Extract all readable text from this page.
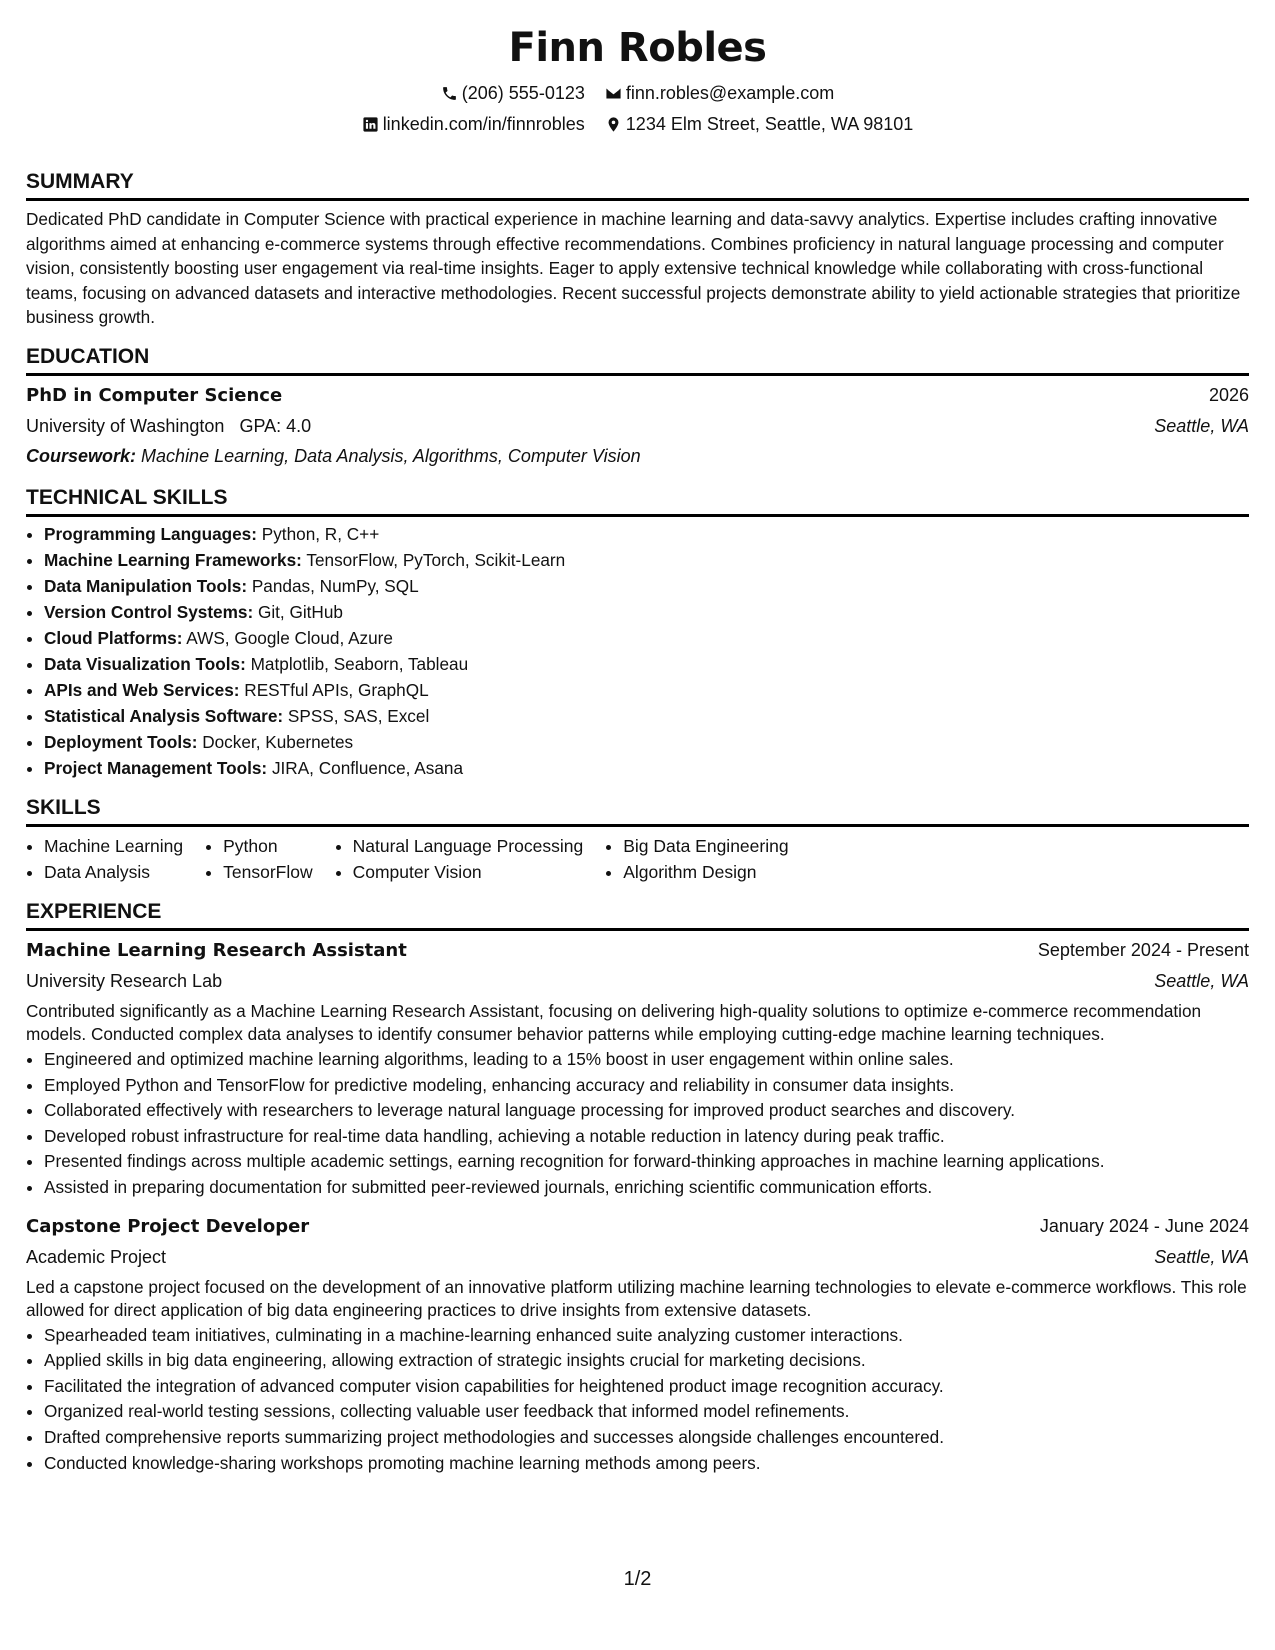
Finn Robles
(206) 555-0123 finn.robles@example.com
linkedin.com/in/finnrobles 1234 Elm Street, Seattle, WA 98101
SUMMARY

Dedicated PhD candidate in Computer Science with practical experience in machine learning and data-savvy analytics. Expertise includes crafting innovative algorithms aimed at enhancing e-commerce systems through effective recommendations. Combines proficiency in natural language processing and computer vision, consistently boosting user engagement via real-time insights. Eager to apply extensive technical knowledge while collaborating with cross-functional teams, focusing on advanced datasets and interactive methodologies. Recent successful projects demonstrate ability to yield actionable strategies that prioritize business growth.

EDUCATION
PhD in Computer Science	2026
University of Washington GPA: 4.0	Seattle, WA
Coursework: Machine Learning, Data Analysis, Algorithms, Computer Vision
TECHNICAL SKILLS
• Programming Languages: Python, R, C++
• Machine Learning Frameworks: TensorFlow, PyTorch, Scikit-Learn
• Data Manipulation Tools: Pandas, NumPy, SQL
• Version Control Systems: Git, GitHub
• Cloud Platforms: AWS, Google Cloud, Azure
• Data Visualization Tools: Matplotlib, Seaborn, Tableau
• APIs and Web Services: RESTful APIs, GraphQL
• Statistical Analysis Software: SPSS, SAS, Excel
• Deployment Tools: Docker, Kubernetes
• Project Management Tools: JIRA, Confluence, Asana
SKILLS
• Machine Learning
• Data Analysis
• Python
• TensorFlow
• Natural Language Processing
• Computer Vision
• Big Data Engineering
• Algorithm Design
EXPERIENCE
Machine Learning Research Assistant	September 2024 - Present
University Research Lab	Seattle, WA

Contributed significantly as a Machine Learning Research Assistant, focusing on delivering high-quality solutions to optimize e-commerce recommendation models. Conducted complex data analyses to identify consumer behavior patterns while employing cutting-edge machine learning techniques.

• Engineered and optimized machine learning algorithms, leading to a 15% boost in user engagement within online sales.
• Employed Python and TensorFlow for predictive modeling, enhancing accuracy and reliability in consumer data insights.
• Collaborated effectively with researchers to leverage natural language processing for improved product searches and discovery.
• Developed robust infrastructure for real-time data handling, achieving a notable reduction in latency during peak traffic.
• Presented findings across multiple academic settings, earning recognition for forward-thinking approaches in machine learning applications.
• Assisted in preparing documentation for submitted peer-reviewed journals, enriching scientific communication efforts.
Capstone Project Developer	January 2024 - June 2024
Academic Project	Seattle, WA

Led a capstone project focused on the development of an innovative platform utilizing machine learning technologies to elevate e-commerce workflows. This role allowed for direct application of big data engineering practices to drive insights from extensive datasets.

• Spearheaded team initiatives, culminating in a machine-learning enhanced suite analyzing customer interactions.
• Applied skills in big data engineering, allowing extraction of strategic insights crucial for marketing decisions.
• Facilitated the integration of advanced computer vision capabilities for heightened product image recognition accuracy.
• Organized real-world testing sessions, collecting valuable user feedback that informed model refinements.
• Drafted comprehensive reports summarizing project methodologies and successes alongside challenges encountered.
• Conducted knowledge-sharing workshops promoting machine learning methods among peers.
1/2
